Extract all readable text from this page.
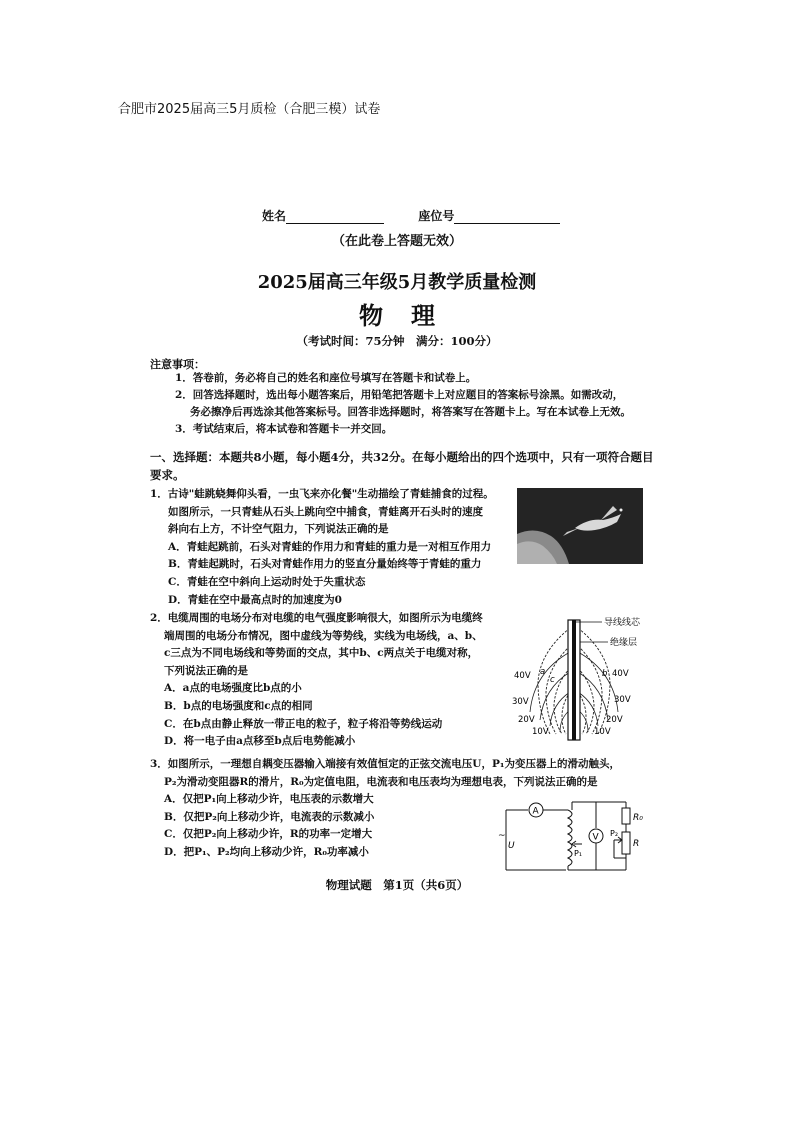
合肥市2025届高三5月质检（合肥三模）试卷
姓名	座位号
（在此卷上答题无效）
2025届高三年级5月教学质量检测
物理
（考试时间：75分钟　满分：100分）
注意事项：
1．答卷前，务必将自己的姓名和座位号填写在答题卡和试卷上。
2．回答选择题时，选出每小题答案后，用铅笔把答题卡上对应题目的答案标号涂黑。如需改动，
务必擦净后再选涂其他答案标号。回答非选择题时，将答案写在答题卡上。写在本试卷上无效。
3．考试结束后，将本试卷和答题卡一并交回。
一、选择题：本题共8小题，每小题4分，共32分。在每小题给出的四个选项中，只有一项符合题目要求。
1．古诗"蛙跳蛲舞仰头看，一虫飞来亦化餐"生动描绘了青蛙捕食的过程。
如图所示，一只青蛙从石头上跳向空中捕食，青蛙离开石头时的速度
斜向右上方，不计空气阻力，下列说法正确的是
A．青蛙起跳前，石头对青蛙的作用力和青蛙的重力是一对相互作用力
B．青蛙起跳时，石头对青蛙作用力的竖直分量始终等于青蛙的重力
C．青蛙在空中斜向上运动时处于失重状态
D．青蛙在空中最高点时的加速度为0
2．电缆周围的电场分布对电缆的电气强度影响很大，如图所示为电缆终
端周围的电场分布情况，图中虚线为等势线，实线为电场线，a、b、
c三点为不同电场线和等势面的交点，其中b、c两点关于电缆对称，
下列说法正确的是
A．a点的电场强度比b点的小
B．b点的电场强度和c点的相同
C．在b点由静止释放一带正电的粒子，粒子将沿等势线运动
D．将一电子由a点移至b点后电势能减小
导线线芯
绝缘层
40V	40V
30V	30V
20V	20V
10V	10V
a	b
c
3．如图所示，一理想自耦变压器输入端接有效值恒定的正弦交流电压U，P₁为变压器上的滑动触头，
P₂为滑动变阻器R的滑片，R₀为定值电阻，电流表和电压表均为理想电表，下列说法正确的是
A．仅把P₁向上移动少许，电压表的示数增大
B．仅把P₂向上移动少许，电流表的示数减小
C．仅把P₂向上移动少许，R的功率一定增大
D．把P₁、P₂均向上移动少许，R₀功率减小
A
V
~
U
P₁
P₂
R₀
R
物理试题　第1页（共6页）
